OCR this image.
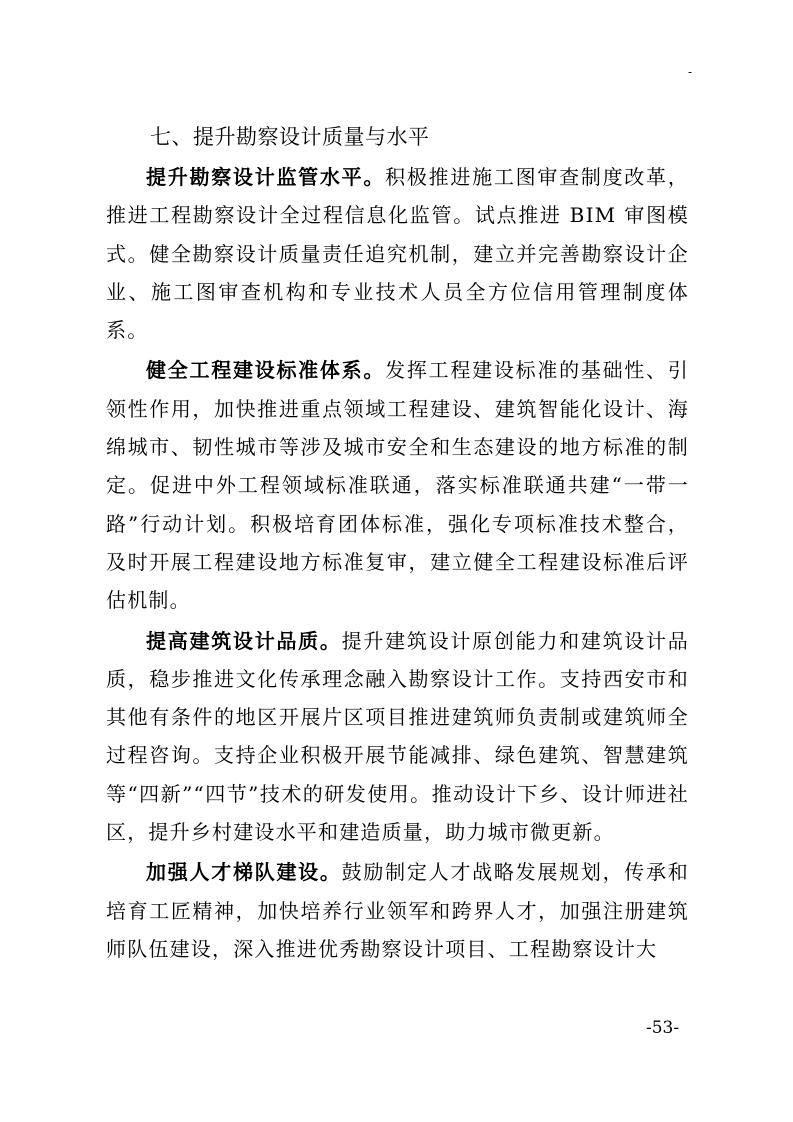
-
七、提升勘察设计质量与水平

提升勘察设计监管水平。积极推进施工图审查制度改革，推进工程勘察设计全过程信息化监管。试点推进 BIM 审图模式。健全勘察设计质量责任追究机制，建立并完善勘察设计企业、施工图审查机构和专业技术人员全方位信用管理制度体系。

健全工程建设标准体系。发挥工程建设标准的基础性、引领性作用，加快推进重点领域工程建设、建筑智能化设计、海绵城市、韧性城市等涉及城市安全和生态建设的地方标准的制定。促进中外工程领域标准联通，落实标准联通共建“一带一路”行动计划。积极培育团体标准，强化专项标准技术整合，及时开展工程建设地方标准复审，建立健全工程建设标准后评估机制。

提高建筑设计品质。提升建筑设计原创能力和建筑设计品质，稳步推进文化传承理念融入勘察设计工作。支持西安市和其他有条件的地区开展片区项目推进建筑师负责制或建筑师全过程咨询。支持企业积极开展节能减排、绿色建筑、智慧建筑等“四新”“四节”技术的研发使用。推动设计下乡、设计师进社区，提升乡村建设水平和建造质量，助力城市微更新。

加强人才梯队建设。鼓励制定人才战略发展规划，传承和培育工匠精神，加快培养行业领军和跨界人才，加强注册建筑师队伍建设，深入推进优秀勘察设计项目、工程勘察设计大

-53-
